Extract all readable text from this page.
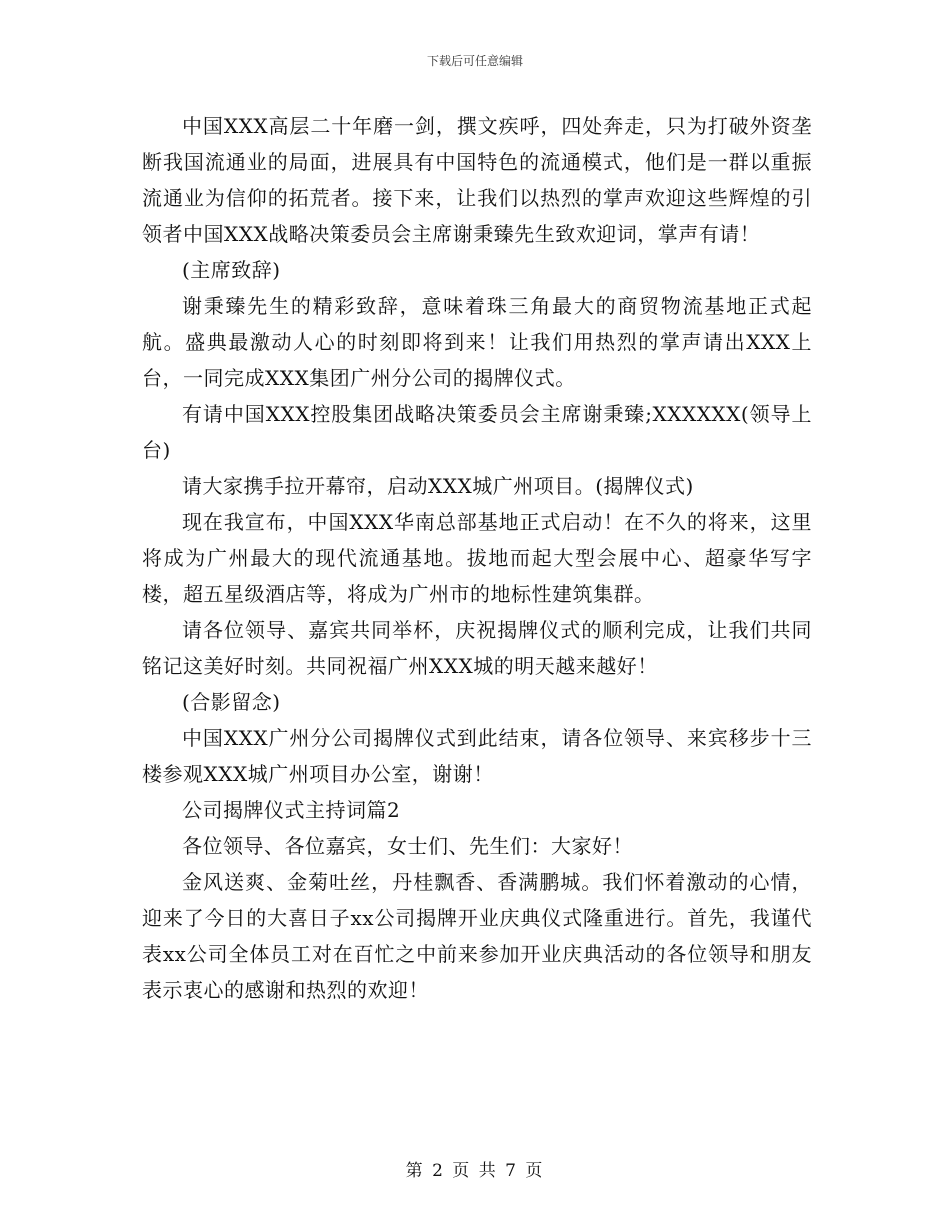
下载后可任意编辑

中国XXX高层二十年磨一剑，撰文疾呼，四处奔走，只为打破外资垄断我国流通业的局面，进展具有中国特色的流通模式，他们是一群以重振流通业为信仰的拓荒者。接下来，让我们以热烈的掌声欢迎这些辉煌的引领者中国XXX战略决策委员会主席谢秉臻先生致欢迎词，掌声有请！

(主席致辞)

谢秉臻先生的精彩致辞，意味着珠三角最大的商贸物流基地正式起航。盛典最激动人心的时刻即将到来！让我们用热烈的掌声请出XXX上台，一同完成XXX集团广州分公司的揭牌仪式。

有请中国XXX控股集团战略决策委员会主席谢秉臻;XXXXXX(领导上台)

请大家携手拉开幕帘，启动XXX城广州项目。(揭牌仪式)

现在我宣布，中国XXX华南总部基地正式启动！在不久的将来，这里将成为广州最大的现代流通基地。拔地而起大型会展中心、超豪华写字楼，超五星级酒店等，将成为广州市的地标性建筑集群。

请各位领导、嘉宾共同举杯，庆祝揭牌仪式的顺利完成，让我们共同铭记这美好时刻。共同祝福广州XXX城的明天越来越好！

(合影留念)

中国XXX广州分公司揭牌仪式到此结束，请各位领导、来宾移步十三楼参观XXX城广州项目办公室，谢谢！

公司揭牌仪式主持词篇2

各位领导、各位嘉宾，女士们、先生们：大家好！

金风送爽、金菊吐丝，丹桂飘香、香满鹏城。我们怀着激动的心情，迎来了今日的大喜日子xx公司揭牌开业庆典仪式隆重进行。首先，我谨代表xx公司全体员工对在百忙之中前来参加开业庆典活动的各位领导和朋友表示衷心的感谢和热烈的欢迎！

第 2 页 共 7 页
